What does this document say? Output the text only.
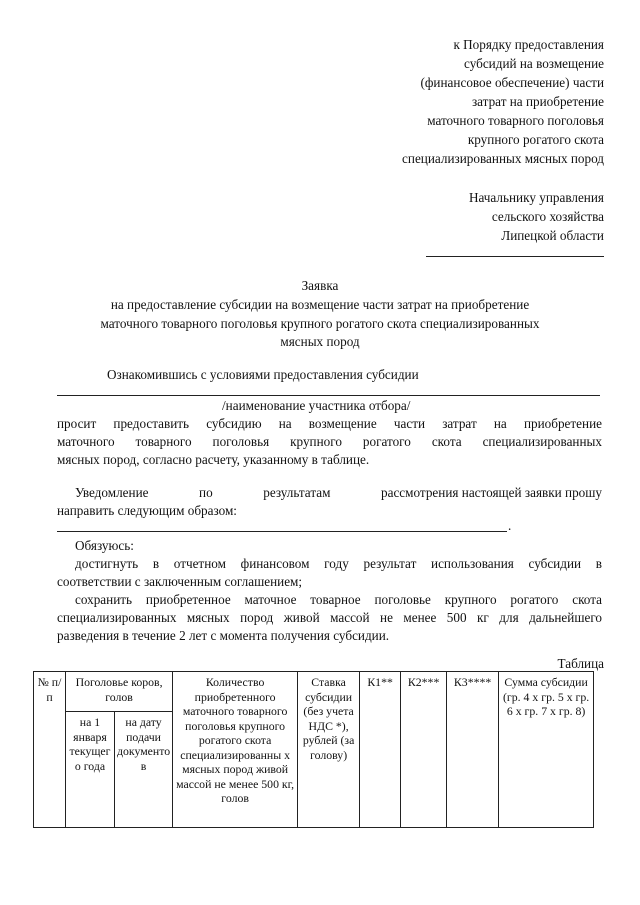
к Порядку предоставления
субсидий на возмещение
(финансовое обеспечение) части
затрат на приобретение
маточного товарного поголовья
крупного рогатого скота
специализированных мясных пород
Начальнику управления
сельского хозяйства
Липецкой области
Заявка
на предоставление субсидии на возмещение части затрат на приобретение
маточного товарного поголовья крупного рогатого скота специализированных
мясных пород
Ознакомившись с условиями предоставления субсидии
/наименование участника отбора/
просит предоставить субсидию на возмещение части затрат на приобретение
маточного товарного поголовья крупного рогатого скота специализированных
мясных пород, согласно расчету, указанному в таблице.
Уведомление	по	результатам	рассмотрения настоящей заявки прошу
направить следующим образом:
.
Обязуюсь:
достигнуть в отчетном финансовом году результат использования субсидии в
соответствии с заключенным соглашением;
сохранить приобретенное маточное товарное поголовье крупного рогатого скота
специализированных мясных пород живой массой не менее 500 кг для дальнейшего
разведения в течение 2 лет с момента получения субсидии.
Таблица
№ п/п	Поголовье коров, голов		Количество приобретенного маточного товарного поголовья крупного рогатого скота специализированны х мясных пород живой массой не менее 500 кг, голов	Ставка субсидии (без учета НДС *), рублей (за голову)	К1**	К2***	К3****	Сумма субсидии (гр. 4 х гр. 5 х гр. 6 х гр. 7 х гр. 8)
	на 1 января текущег о года	на дату подачи документо в						
